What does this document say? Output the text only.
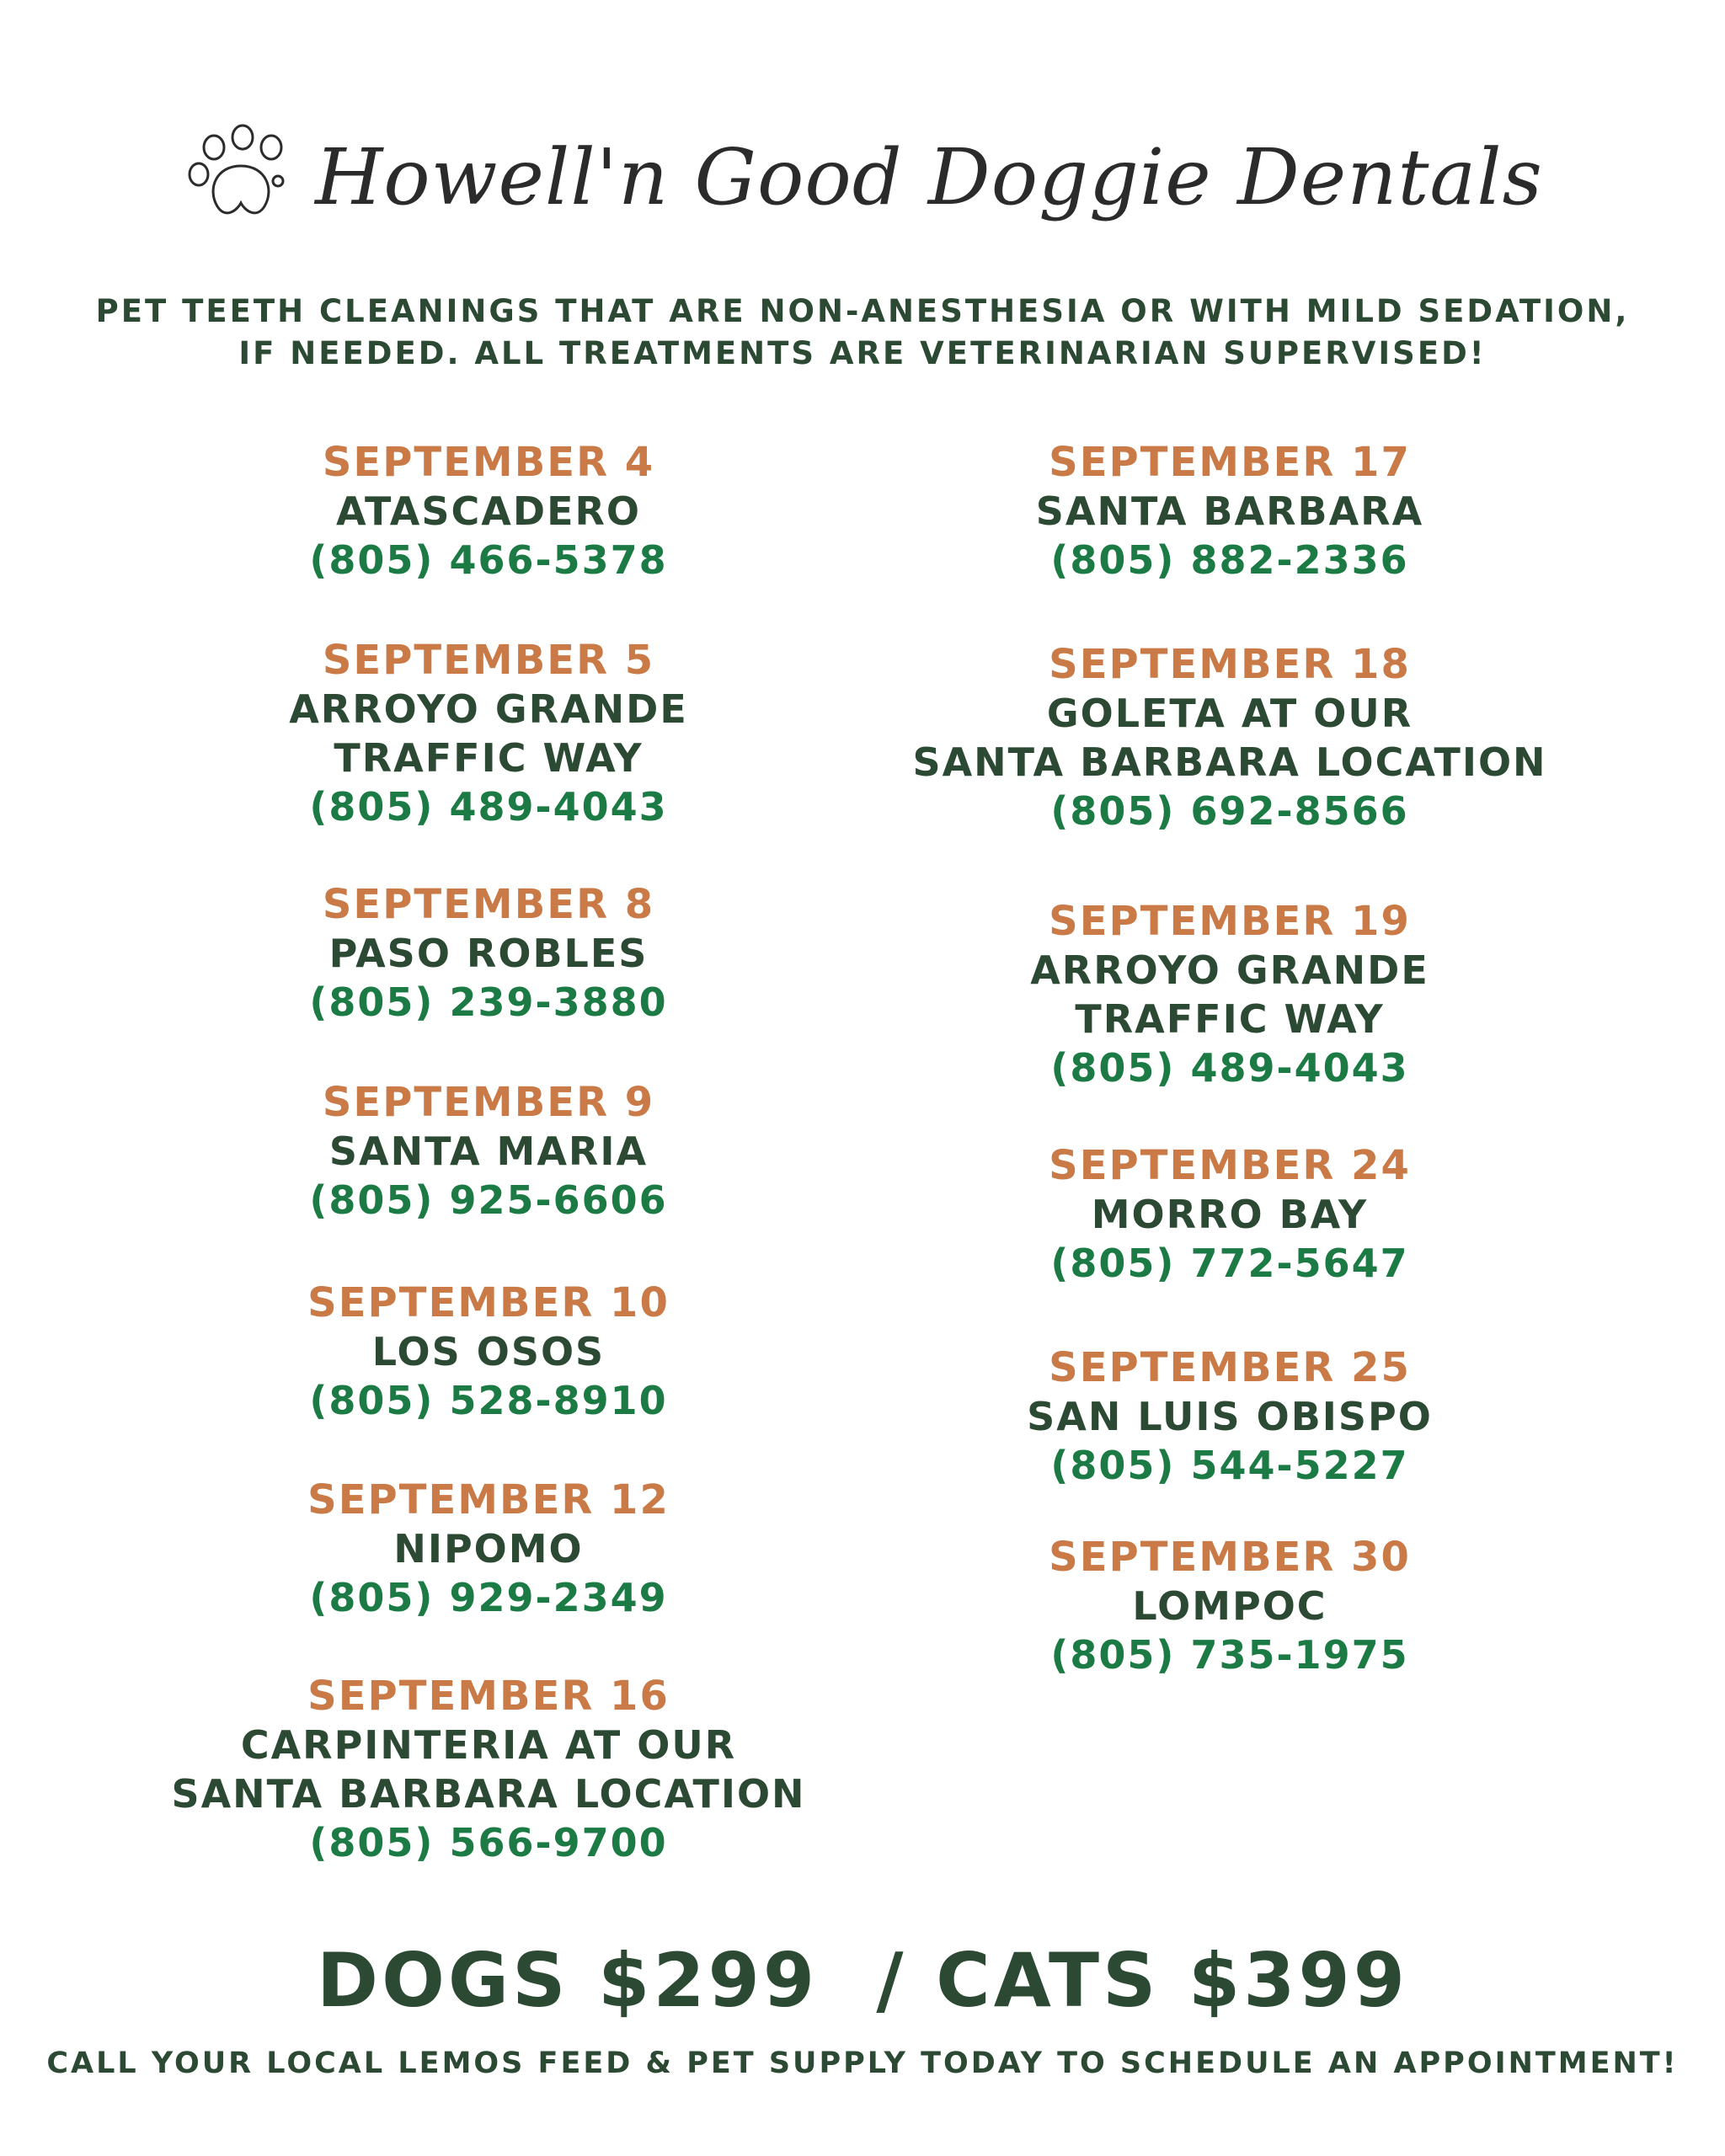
Howell'n Good Doggie Dentals
PET TEETH CLEANINGS THAT ARE NON-ANESTHESIA OR WITH MILD SEDATION,
IF NEEDED. ALL TREATMENTS ARE VETERINARIAN SUPERVISED!
SEPTEMBER 4
ATASCADERO
(805) 466-5378
SEPTEMBER 5
ARROYO GRANDE
TRAFFIC WAY
(805) 489-4043
SEPTEMBER 8
PASO ROBLES
(805) 239-3880
SEPTEMBER 9
SANTA MARIA
(805) 925-6606
SEPTEMBER 10
LOS OSOS
(805) 528-8910
SEPTEMBER 12
NIPOMO
(805) 929-2349
SEPTEMBER 16
CARPINTERIA AT OUR
SANTA BARBARA LOCATION
(805) 566-9700
SEPTEMBER 17
SANTA BARBARA
(805) 882-2336
SEPTEMBER 18
GOLETA AT OUR
SANTA BARBARA LOCATION
(805) 692-8566
SEPTEMBER 19
ARROYO GRANDE
TRAFFIC WAY
(805) 489-4043
SEPTEMBER 24
MORRO BAY
(805) 772-5647
SEPTEMBER 25
SAN LUIS OBISPO
(805) 544-5227
SEPTEMBER 30
LOMPOC
(805) 735-1975
DOGS $299  / CATS $399
CALL YOUR LOCAL LEMOS FEED & PET SUPPLY TODAY TO SCHEDULE AN APPOINTMENT!
